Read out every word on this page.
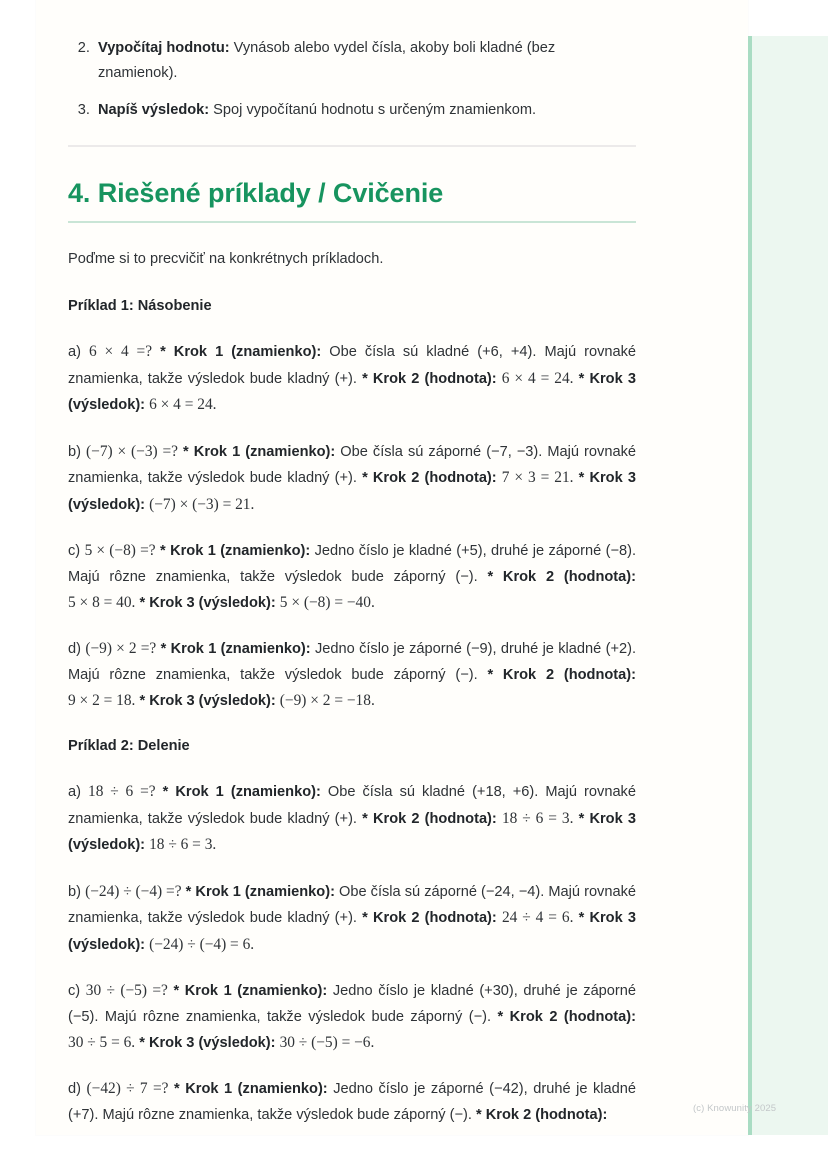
2. Vypočítaj hodnotu: Vynásob alebo vydel čísla, akoby boli kladné (bez znamienok).
3. Napíš výsledok: Spoj vypočítanú hodnotu s určeným znamienkom.
4. Riešené príklady / Cvičenie

Poďme si to precvičiť na konkrétnych príkladoch.

Príklad 1: Násobenie

a) 6 × 4 =? * Krok 1 (znamienko): Obe čísla sú kladné (+6, +4). Majú rovnaké znamienka, takže výsledok bude kladný (+). * Krok 2 (hodnota): 6 × 4 = 24. * Krok 3 (výsledok): 6 × 4 = 24.

b) (−7) × (−3) =? * Krok 1 (znamienko): Obe čísla sú záporné (−7, −3). Majú rovnaké znamienka, takže výsledok bude kladný (+). * Krok 2 (hodnota): 7 × 3 = 21. * Krok 3 (výsledok): (−7) × (−3) = 21.

c) 5 × (−8) =? * Krok 1 (znamienko): Jedno číslo je kladné (+5), druhé je záporné (−8). Majú rôzne znamienka, takže výsledok bude záporný (−). * Krok 2 (hodnota): 5 × 8 = 40. * Krok 3 (výsledok): 5 × (−8) = −40.

d) (−9) × 2 =? * Krok 1 (znamienko): Jedno číslo je záporné (−9), druhé je kladné (+2). Majú rôzne znamienka, takže výsledok bude záporný (−). * Krok 2 (hodnota): 9 × 2 = 18. * Krok 3 (výsledok): (−9) × 2 = −18.

Príklad 2: Delenie

a) 18 ÷ 6 =? * Krok 1 (znamienko): Obe čísla sú kladné (+18, +6). Majú rovnaké znamienka, takže výsledok bude kladný (+). * Krok 2 (hodnota): 18 ÷ 6 = 3. * Krok 3 (výsledok): 18 ÷ 6 = 3.

b) (−24) ÷ (−4) =? * Krok 1 (znamienko): Obe čísla sú záporné (−24, −4). Majú rovnaké znamienka, takže výsledok bude kladný (+). * Krok 2 (hodnota): 24 ÷ 4 = 6. * Krok 3 (výsledok): (−24) ÷ (−4) = 6.

c) 30 ÷ (−5) =? * Krok 1 (znamienko): Jedno číslo je kladné (+30), druhé je záporné (−5). Majú rôzne znamienka, takže výsledok bude záporný (−). * Krok 2 (hodnota): 30 ÷ 5 = 6. * Krok 3 (výsledok): 30 ÷ (−5) = −6.

d) (−42) ÷ 7 =? * Krok 1 (znamienko): Jedno číslo je záporné (−42), druhé je kladné (+7). Majú rôzne znamienka, takže výsledok bude záporný (−). * Krok 2 (hodnota):	(c) Knowunity 2025
